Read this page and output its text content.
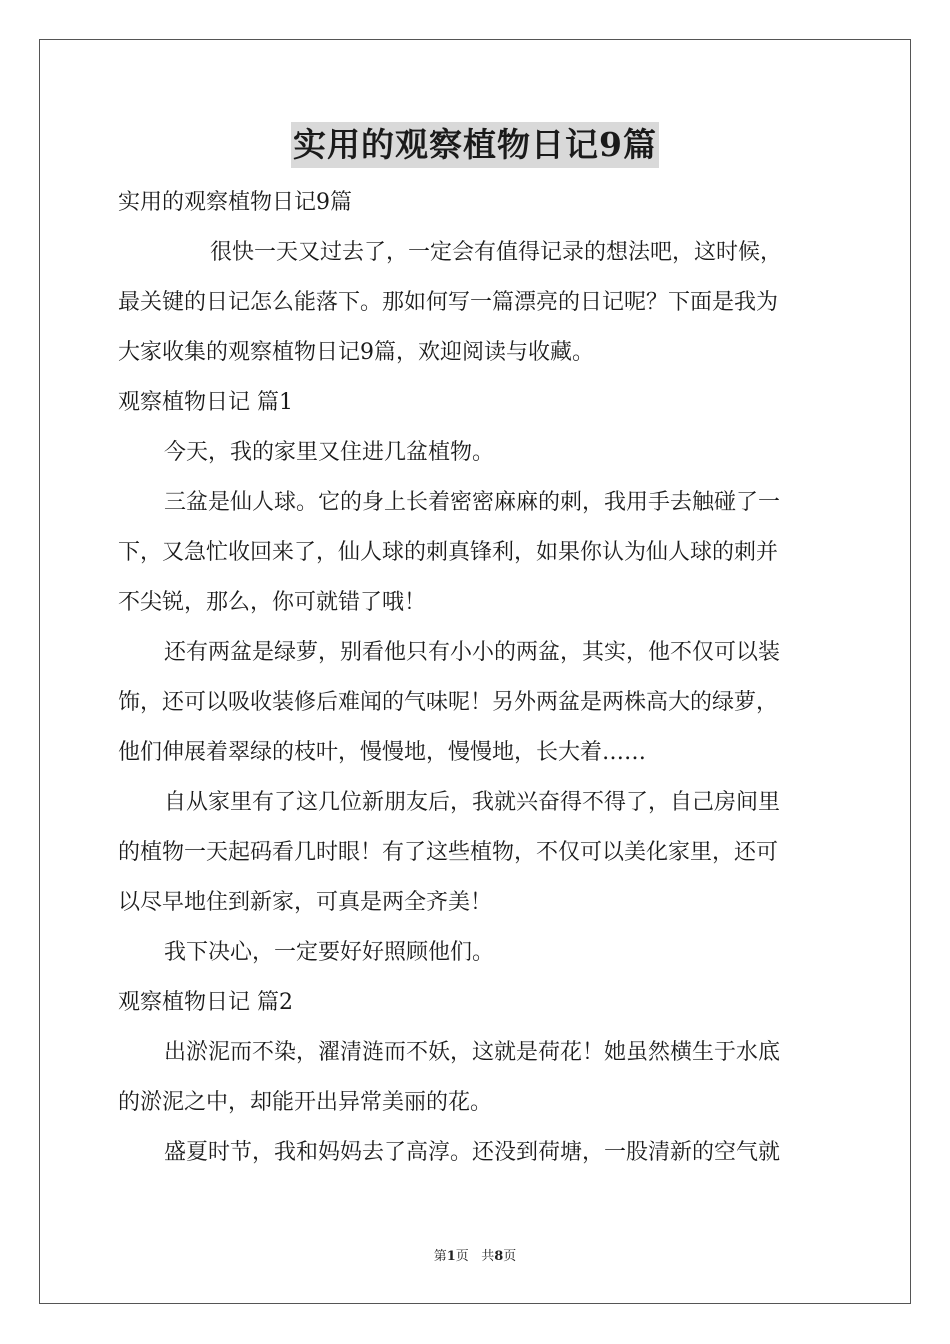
实用的观察植物日记9篇
实用的观察植物日记9篇
很快一天又过去了，一定会有值得记录的想法吧，这时候，
最关键的日记怎么能落下。那如何写一篇漂亮的日记呢？下面是我为
大家收集的观察植物日记9篇，欢迎阅读与收藏。
观察植物日记 篇1
今天，我的家里又住进几盆植物。
三盆是仙人球。它的身上长着密密麻麻的刺，我用手去触碰了一
下，又急忙收回来了，仙人球的刺真锋利，如果你认为仙人球的刺并
不尖锐，那么，你可就错了哦！
还有两盆是绿萝，别看他只有小小的两盆，其实，他不仅可以装
饰，还可以吸收装修后难闻的气味呢！另外两盆是两株高大的绿萝，
他们伸展着翠绿的枝叶，慢慢地，慢慢地，长大着……
自从家里有了这几位新朋友后，我就兴奋得不得了，自己房间里
的植物一天起码看几时眼！有了这些植物，不仅可以美化家里，还可
以尽早地住到新家，可真是两全齐美！
我下决心，一定要好好照顾他们。
观察植物日记 篇2
出淤泥而不染，濯清涟而不妖，这就是荷花！她虽然横生于水底
的淤泥之中，却能开出异常美丽的花。
盛夏时节，我和妈妈去了高淳。还没到荷塘，一股清新的空气就
第1页 共8页
